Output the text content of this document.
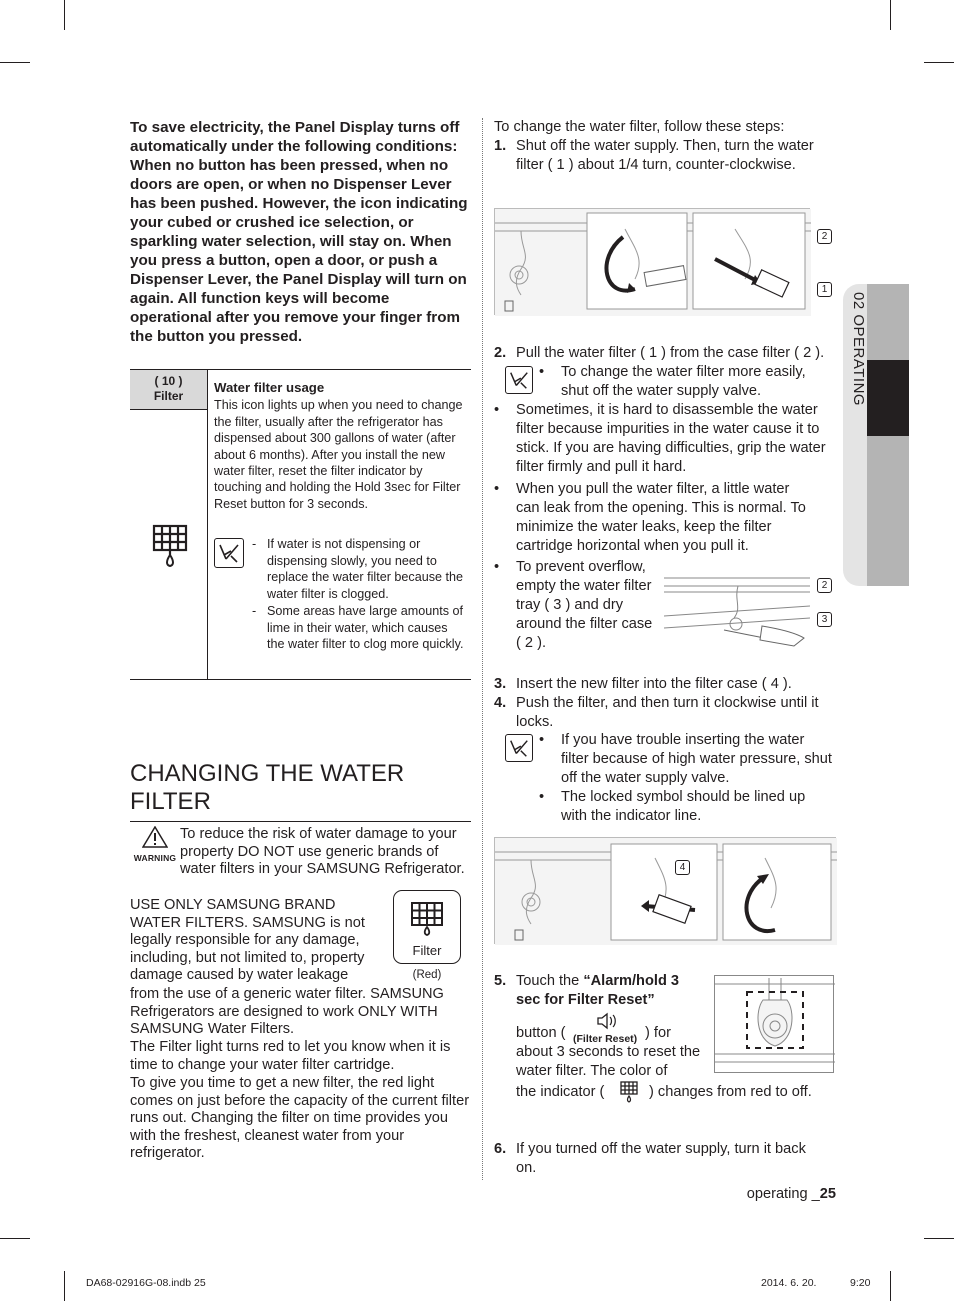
02 OPERATING
To save electricity, the Panel Display turns off automatically under the following conditions: When no button has been pressed, when no doors are open, or when no Dispenser Lever has been pushed. However, the icon indicating your cubed or crushed ice selection, or sparkling water selection, will stay on. When you press a button, open a door, or push a Dispenser Lever, the Panel Display will turn on again. All function keys will become operational after you remove your finger from the button you pressed.
( 10 )
Filter
Water filter usage
This icon lights up when you need to change the filter, usually after the refrigerator has dispensed about 300 gallons of water (after about 6 months). After you install the new water filter, reset the filter indicator by touching and holding the Hold 3sec for Filter Reset button for 3 seconds.
- If water is not dispensing or dispensing slowly, you need to replace the water filter because the water filter is clogged.
- Some areas have large amounts of lime in their water, which causes the water filter to clog more quickly.
CHANGING THE WATER FILTER
WARNING
To reduce the risk of water damage to your property DO NOT use generic brands of water filters in your SAMSUNG Refrigerator.
USE ONLY SAMSUNG BRAND WATER FILTERS. SAMSUNG is not legally responsible for any damage, including, but not limited to, property damage caused by water leakage
from the use of a generic water filter. SAMSUNG Refrigerators are designed to work ONLY WITH SAMSUNG Water Filters.
The Filter light turns red to let you know when it is time to change your water filter cartridge.
To give you time to get a new filter, the red light comes on just before the capacity of the current filter runs out. Changing the filter on time provides you with the freshest, cleanest water from your refrigerator.
Filter
(Red)
To change the water filter, follow these steps:
1. Shut off the water supply. Then, turn the water filter ( 1 ) about 1/4 turn, counter-clockwise.
2
1
2. Pull the water filter ( 1 ) from the case filter ( 2 ).
• To change the water filter more easily, shut off the water supply valve.
• Sometimes, it is hard to disassemble the water filter because impurities in the water cause it to stick. If you are having difficulties, grip the water filter firmly and pull it hard.
• When you pull the water filter, a little water can leak from the opening. This is normal. To minimize the water leaks, keep the filter cartridge horizontal when you pull it.
• To prevent overflow, empty the water filter tray ( 3 ) and dry around the filter case ( 2 ).
2
3
3. Insert the new filter into the filter case ( 4 ).
4. Push the filter, and then turn it clockwise until it locks.
• If you have trouble inserting the water filter because of high water pressure, shut off the water supply valve.
• The locked symbol should be lined up with the indicator line.
4
5. Touch the “Alarm/hold 3 sec for Filter Reset”
button ( (Filter Reset) ) for
about 3 seconds to reset the water filter. The color of
the indicator (	) changes from red to off.
6. If you turned off the water supply, turn it back on.
operating _25
DA68-02916G-08.indb 25	2014. 6. 20.	9:20
